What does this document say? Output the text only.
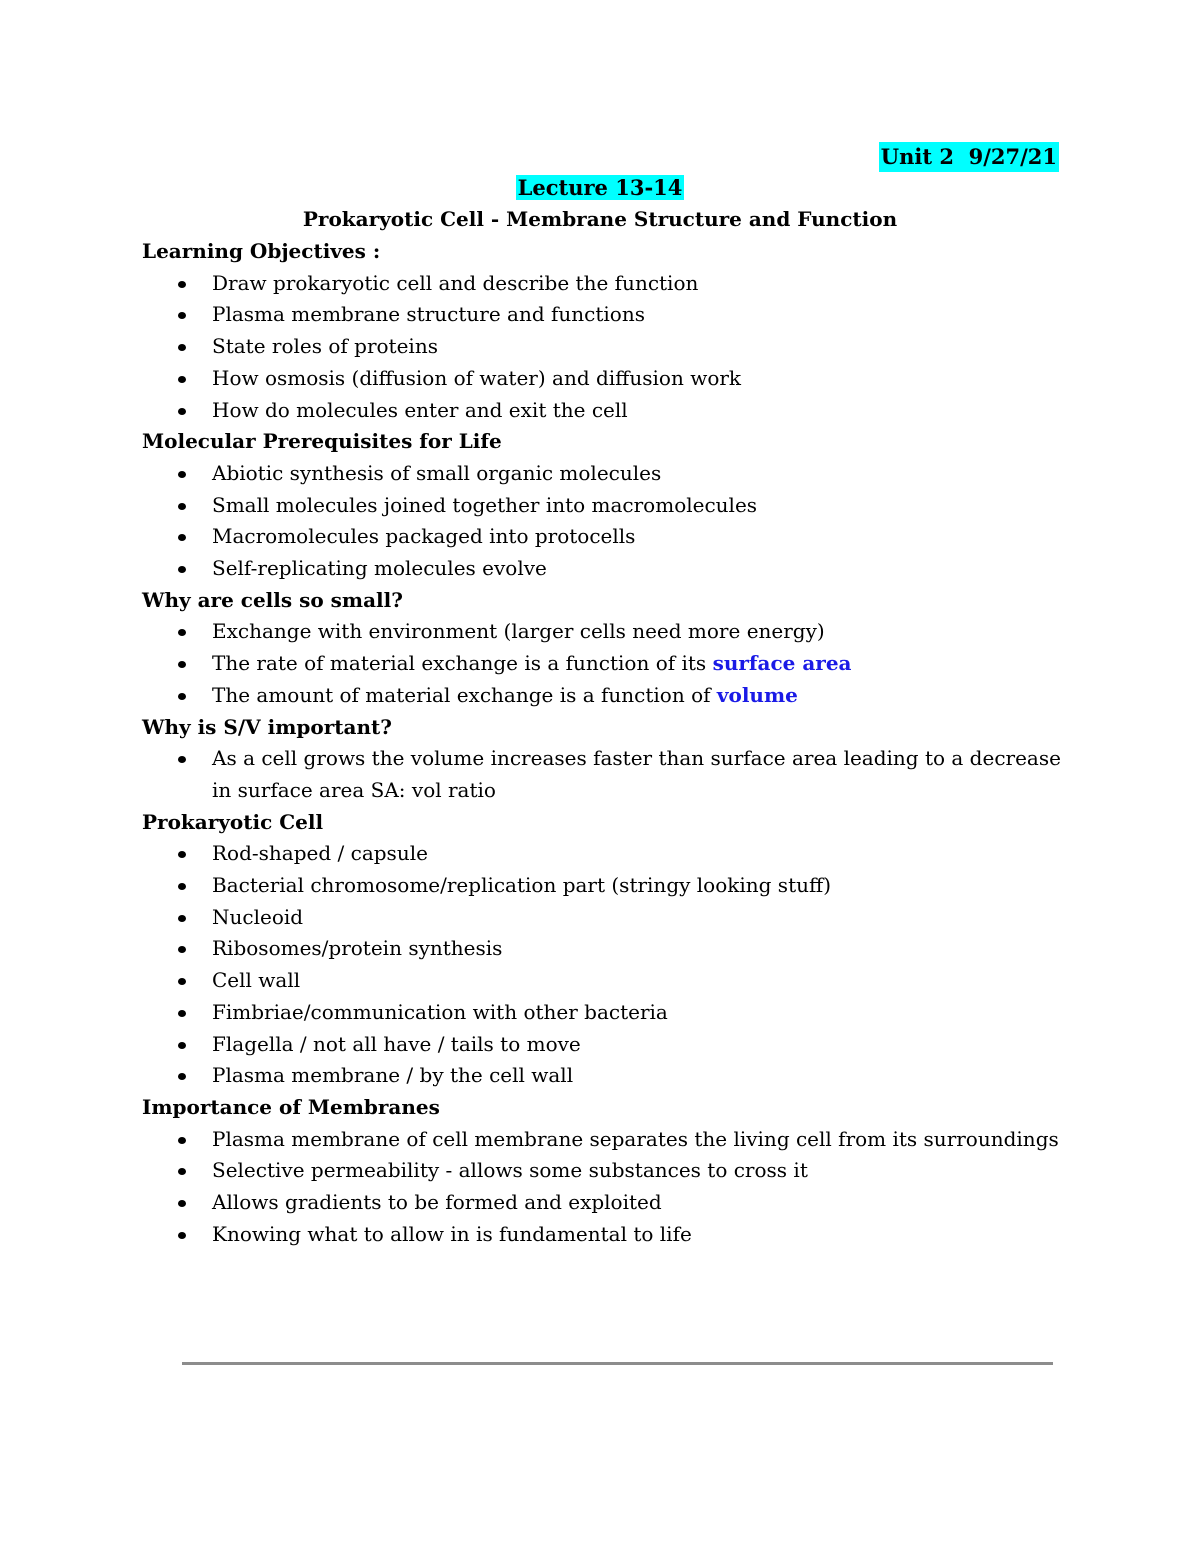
Unit 2  9/27/21
Lecture 13-14
Prokaryotic Cell - Membrane Structure and Function
Learning Objectives :
Draw prokaryotic cell and describe the function
Plasma membrane structure and functions
State roles of proteins
How osmosis (diffusion of water) and diffusion work
How do molecules enter and exit the cell
Molecular Prerequisites for Life
Abiotic synthesis of small organic molecules
Small molecules joined together into macromolecules
Macromolecules packaged into protocells
Self-replicating molecules evolve
Why are cells so small?
Exchange with environment (larger cells need more energy)
The rate of material exchange is a function of its surface area
The amount of material exchange is a function of volume
Why is S/V important?
As a cell grows the volume increases faster than surface area leading to a decrease in surface area SA: vol ratio
Prokaryotic Cell
Rod-shaped / capsule
Bacterial chromosome/replication part (stringy looking stuff)
Nucleoid
Ribosomes/protein synthesis
Cell wall
Fimbriae/communication with other bacteria
Flagella / not all have / tails to move
Plasma membrane / by the cell wall
Importance of Membranes
Plasma membrane of cell membrane separates the living cell from its surroundings
Selective permeability - allows some substances to cross it
Allows gradients to be formed and exploited
Knowing what to allow in is fundamental to life
